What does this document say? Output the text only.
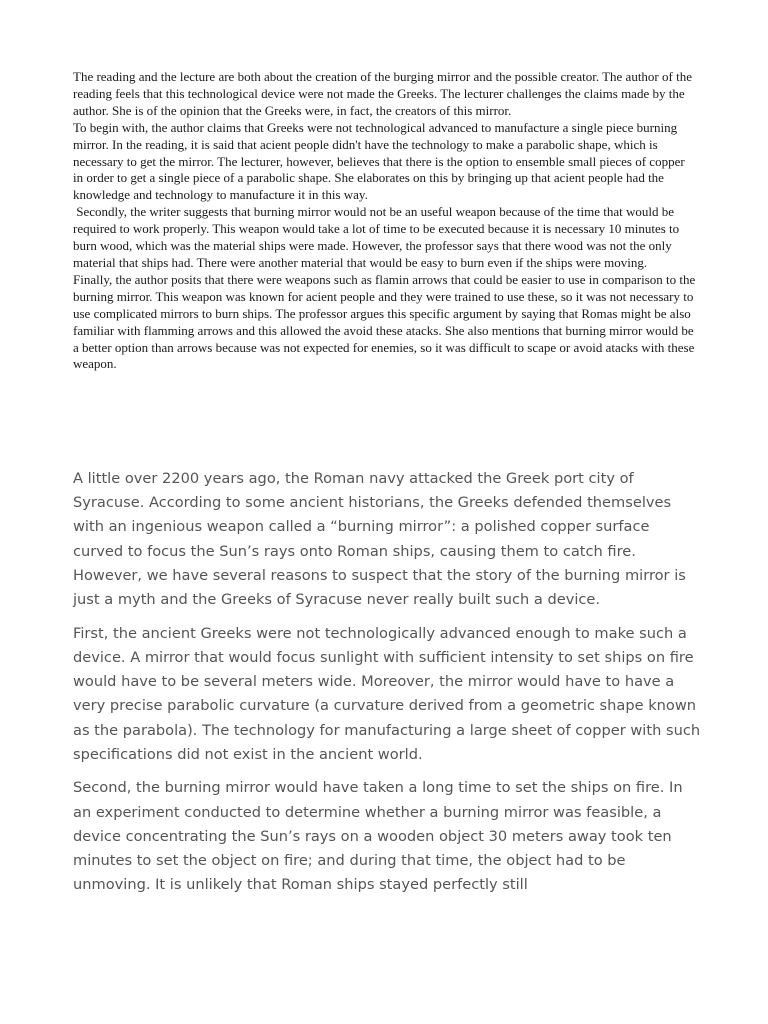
The reading and the lecture are both about the creation of the burging mirror and the possible creator. The author of the reading feels that this technological device were not made the Greeks. The lecturer challenges the claims made by the author. She is of the opinion that the Greeks were, in fact, the creators of this mirror.

To begin with, the author claims that Greeks were not technological advanced to manufacture a single piece burning mirror. In the reading, it is said that acient people didn't have the technology to make a parabolic shape, which is necessary to get the mirror. The lecturer, however, believes that there is the option to ensemble small pieces of copper in order to get a single piece of a parabolic shape. She elaborates on this by bringing up that acient people had the knowledge and technology to manufacture it in this way.

Secondly, the writer suggests that burning mirror would not be an useful weapon because of the time that would be required to work properly. This weapon would take a lot of time to be executed because it is necessary 10 minutes to burn wood, which was the material ships were made. However, the professor says that there wood was not the only material that ships had. There were another material that would be easy to burn even if the ships were moving.

Finally, the author posits that there were weapons such as flamin arrows that could be easier to use in comparison to the burning mirror. This weapon was known for acient people and they were trained to use these, so it was not necessary to use complicated mirrors to burn ships. The professor argues this specific argument by saying that Romas might be also familiar with flamming arrows and this allowed the avoid these atacks. She also mentions that burning mirror would be a better option than arrows because was not expected for enemies, so it was difficult to scape or avoid atacks with these weapon.

A little over 2200 years ago, the Roman navy attacked the Greek port city of Syracuse. According to some ancient historians, the Greeks defended themselves with an ingenious weapon called a “burning mirror”: a polished copper surface curved to focus the Sun’s rays onto Roman ships, causing them to catch fire. However, we have several reasons to suspect that the story of the burning mirror is just a myth and the Greeks of Syracuse never really built such a device.

First, the ancient Greeks were not technologically advanced enough to make such a device. A mirror that would focus sunlight with sufficient intensity to set ships on fire would have to be several meters wide. Moreover, the mirror would have to have a very precise parabolic curvature (a curvature derived from a geometric shape known as the parabola). The technology for manufacturing a large sheet of copper with such specifications did not exist in the ancient world.

Second, the burning mirror would have taken a long time to set the ships on fire. In an experiment conducted to determine whether a burning mirror was feasible, a device concentrating the Sun’s rays on a wooden object 30 meters away took ten minutes to set the object on fire; and during that time, the object had to be unmoving. It is unlikely that Roman ships stayed perfectly still
